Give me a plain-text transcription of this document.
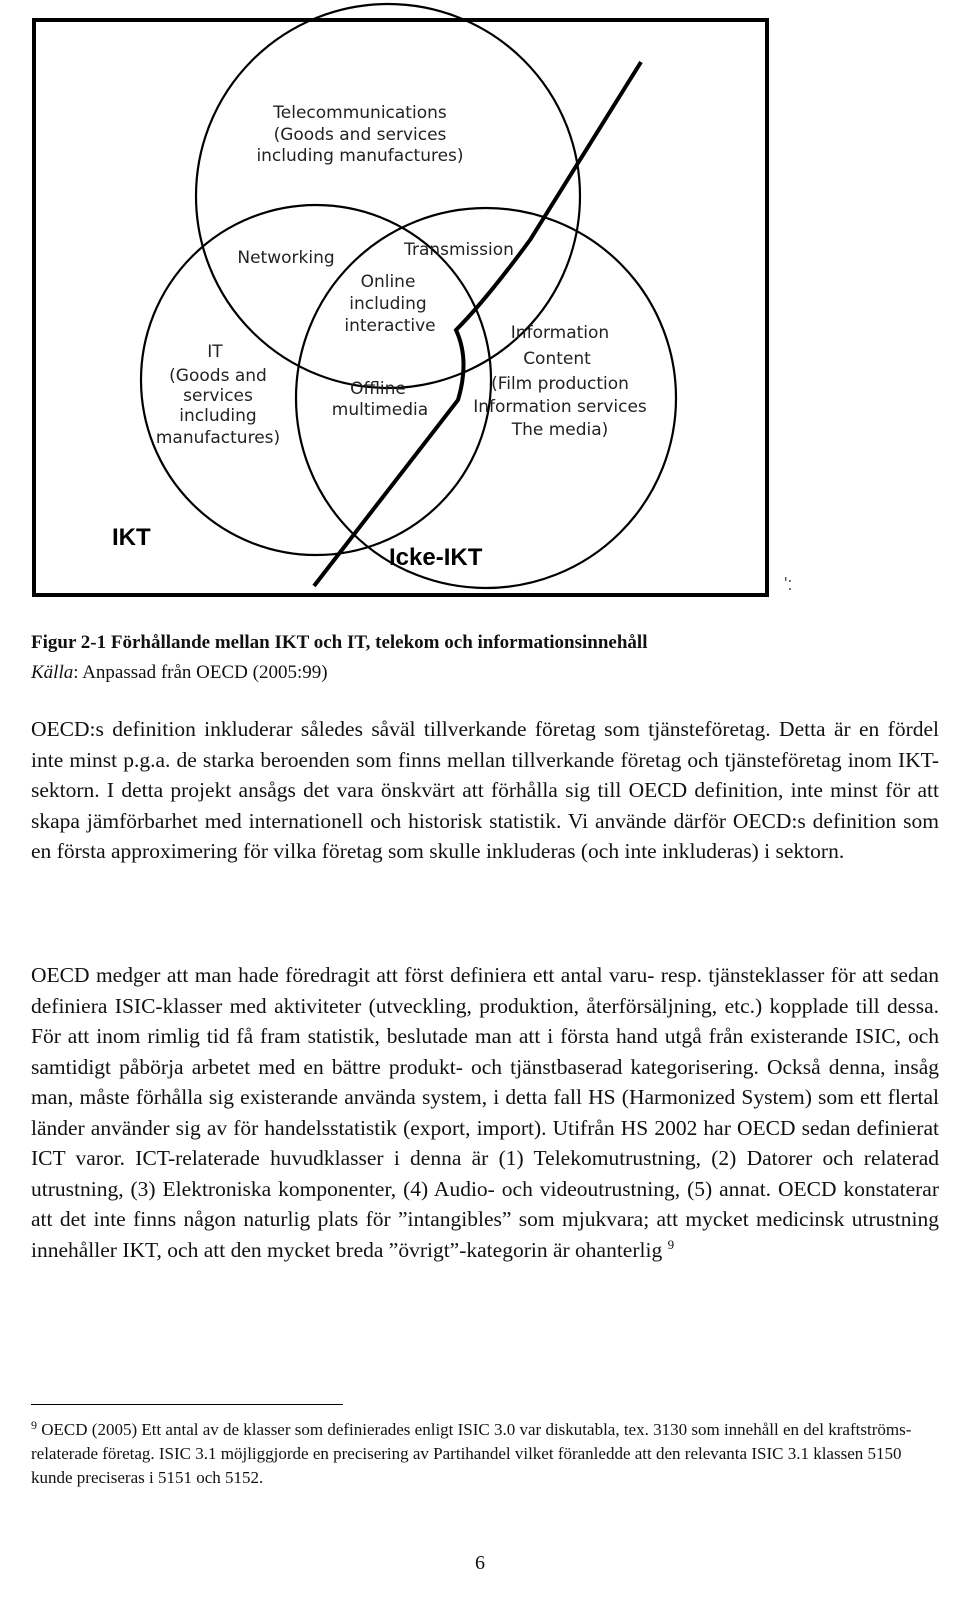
Telecommunications
(Goods and services
including manufactures)
IT
(Goods and
services
including
manufactures)
Information
Content
(Film production
Information services
The media)
Networking	Transmission
Online
including
interactive
Offline
multimedia
IKT
Icke-IKT
':
Figur 2-1 Förhållande mellan IKT och IT, telekom och informationsinnehåll
Källa: Anpassad från OECD (2005:99)

OECD:s definition inkluderar således såväl tillverkande företag som tjänsteföretag. Detta är en fördel inte minst p.g.a. de starka beroenden som finns mellan tillverkande företag och tjänsteföretag inom IKT-sektorn. I detta projekt ansågs det vara önskvärt att förhålla sig till OECD definition, inte minst för att skapa jämförbarhet med internationell och historisk statistik. Vi använde därför OECD:s definition som en första approximering för vilka företag som skulle inkluderas (och inte inkluderas) i sektorn.

OECD medger att man hade föredragit att först definiera ett antal varu- resp. tjänsteklasser för att sedan definiera ISIC-klasser med aktiviteter (utveckling, produktion, återförsäljning, etc.) kopplade till dessa. För att inom rimlig tid få fram statistik, beslutade man att i första hand utgå från existerande ISIC, och samtidigt påbörja arbetet med en bättre produkt- och tjänstbaserad kategorisering. Också denna, insåg man, måste förhålla sig existerande använda system, i detta fall HS (Harmonized System) som ett flertal länder använder sig av för handelsstatistik (export, import). Utifrån HS 2002 har OECD sedan definierat ICT varor. ICT-relaterade huvudklasser i denna är (1) Telekomutrustning, (2) Datorer och relaterad utrustning, (3) Elektroniska komponenter, (4) Audio- och videoutrustning, (5) annat. OECD konstaterar att det inte finns någon naturlig plats för ”intangibles” som mjukvara; att mycket medicinsk utrustning innehåller IKT, och att den mycket breda ”övrigt”-kategorin är ohanterlig $^9$

$^9$ OECD (2005) Ett antal av de klasser som definierades enligt ISIC 3.0 var diskutabla, tex. 3130 som innehåll en del kraftströms-relaterade företag. ISIC 3.1 möjliggjorde en precisering av Partihandel vilket föranledde att den relevanta ISIC 3.1 klassen 5150 kunde preciseras i 5151 och 5152.

6
